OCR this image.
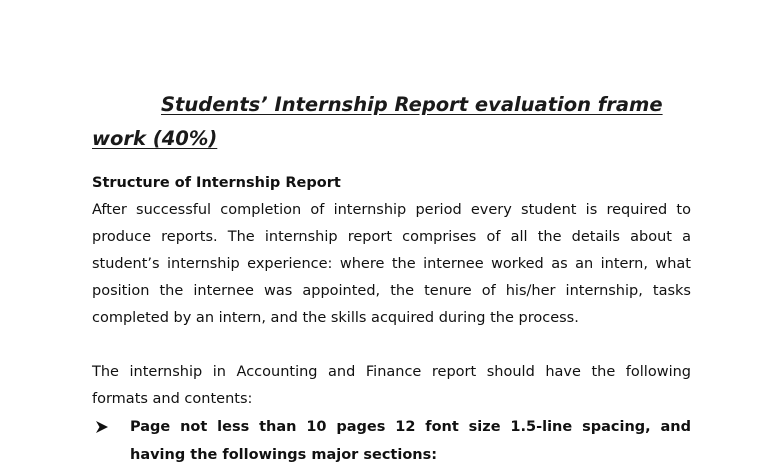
Students’ Internship Report evaluation frame
work (40%)
Structure of Internship Report

After successful completion of internship period every student is required to produce reports. The internship report comprises of all the details about a student’s internship experience: where the internee worked as an intern, what position the internee was appointed, the tenure of his/her internship, tasks completed by an intern, and the skills acquired during the process.

The internship in Accounting and Finance report should have the following formats and contents:

Page not less than 10 pages 12 font size 1.5-line spacing, and having the followings major sections:
